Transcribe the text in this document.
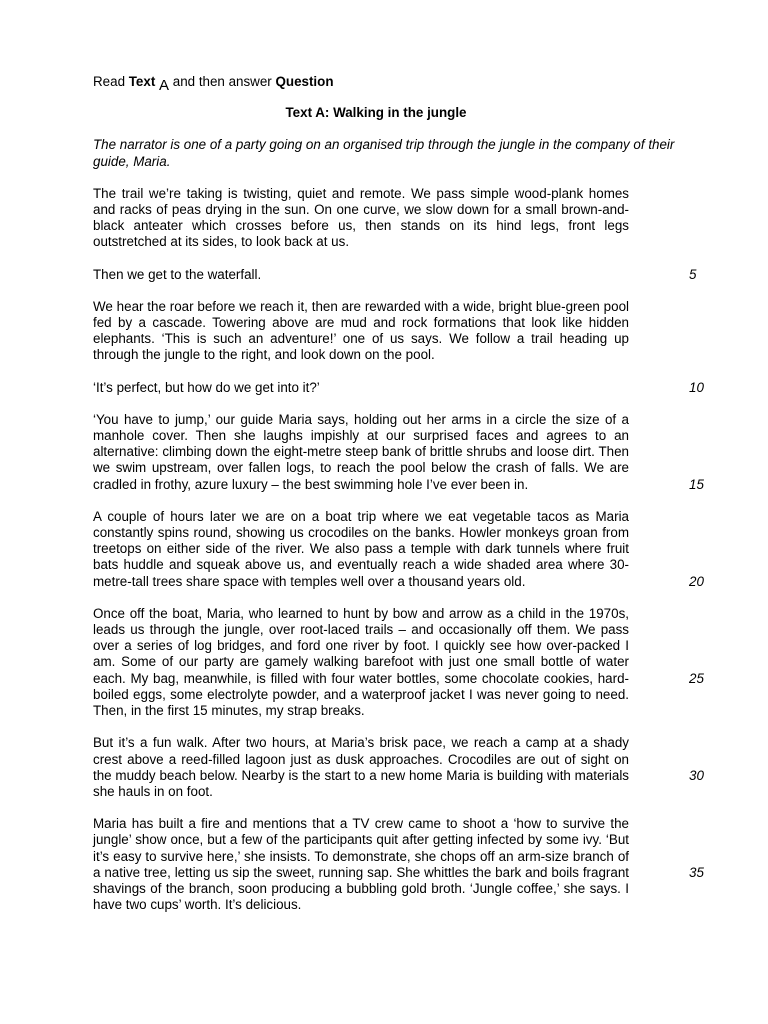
Read Text A and then answer Question

Text A: Walking in the jungle

The narrator is one of a party going on an organised trip through the jungle in the company of their guide, Maria.

The trail we’re taking is twisting, quiet and remote. We pass simple wood-plank homes and racks of peas drying in the sun. On one curve, we slow down for a small brown-and-black anteater which crosses before us, then stands on its hind legs, front legs outstretched at its sides, to look back at us.
Then we get to the waterfall.	5
We hear the roar before we reach it, then are rewarded with a wide, bright blue-green pool fed by a cascade. Towering above are mud and rock formations that look like hidden elephants. ‘This is such an adventure!’ one of us says. We follow a trail heading up through the jungle to the right, and look down on the pool.
‘It’s perfect, but how do we get into it?’	10
‘You have to jump,’ our guide Maria says, holding out her arms in a circle the size of a manhole cover. Then she laughs impishly at our surprised faces and agrees to an alternative: climbing down the eight-metre steep bank of brittle shrubs and loose dirt. Then we swim upstream, over fallen logs, to reach the pool below the crash of falls. We are cradled in frothy, azure luxury – the best swimming hole I’ve ever been in.	15
A couple of hours later we are on a boat trip where we eat vegetable tacos as Maria constantly spins round, showing us crocodiles on the banks. Howler monkeys groan from treetops on either side of the river. We also pass a temple with dark tunnels where fruit bats huddle and squeak above us, and eventually reach a wide shaded area where 30-metre-tall trees share space with temples well over a thousand years old.	20
Once off the boat, Maria, who learned to hunt by bow and arrow as a child in the 1970s, leads us through the jungle, over root-laced trails – and occasionally off them. We pass over a series of log bridges, and ford one river by foot. I quickly see how over-packed I am. Some of our party are gamely walking barefoot with just one small bottle of water each. My bag, meanwhile, is filled with four water bottles, some chocolate cookies, hard-boiled eggs, some electrolyte powder, and a waterproof jacket I was never going to need. Then, in the first 15 minutes, my strap breaks.
25
But it’s a fun walk. After two hours, at Maria’s brisk pace, we reach a camp at a shady crest above a reed-filled lagoon just as dusk approaches. Crocodiles are out of sight on the muddy beach below. Nearby is the start to a new home Maria is building with materials she hauls in on foot.
30
Maria has built a fire and mentions that a TV crew came to shoot a ‘how to survive the jungle’ show once, but a few of the participants quit after getting infected by some ivy. ‘But it’s easy to survive here,’ she insists. To demonstrate, she chops off an arm-size branch of a native tree, letting us sip the sweet, running sap. She whittles the bark and boils fragrant shavings of the branch, soon producing a bubbling gold broth. ‘Jungle coffee,’ she says. I have two cups’ worth. It’s delicious.
35
